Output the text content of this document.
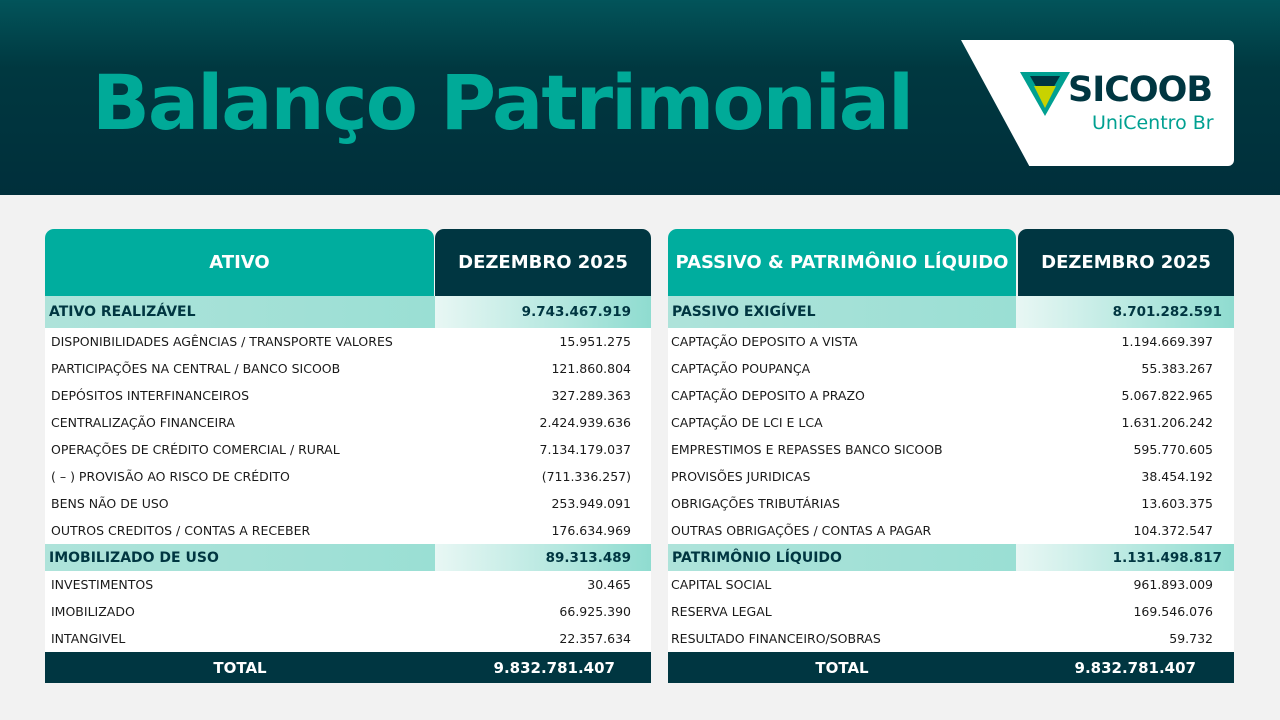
Balanço Patrimonial	SICOOB
UniCentro Br
ATIVO	DEZEMBRO 2025
ATIVO REALIZÁVEL	9.743.467.919
DISPONIBILIDADES AGÊNCIAS / TRANSPORTE VALORES	15.951.275
PARTICIPAÇÕES NA CENTRAL / BANCO SICOOB	121.860.804
DEPÓSITOS INTERFINANCEIROS	327.289.363
CENTRALIZAÇÃO FINANCEIRA	2.424.939.636
OPERAÇÕES DE CRÉDITO COMERCIAL / RURAL	7.134.179.037
( – ) PROVISÃO AO RISCO DE CRÉDITO	(711.336.257)
BENS NÃO DE USO	253.949.091
OUTROS CREDITOS / CONTAS A RECEBER	176.634.969
IMOBILIZADO DE USO	89.313.489
INVESTIMENTOS	30.465
IMOBILIZADO	66.925.390
INTANGIVEL	22.357.634
TOTAL	9.832.781.407
PASSIVO & PATRIMÔNIO LÍQUIDO	DEZEMBRO 2025
PASSIVO EXIGÍVEL	8.701.282.591
CAPTAÇÃO DEPOSITO A VISTA	1.194.669.397
CAPTAÇÃO POUPANÇA	55.383.267
CAPTAÇÃO DEPOSITO A PRAZO	5.067.822.965
CAPTAÇÃO DE LCI E LCA	1.631.206.242
EMPRESTIMOS E REPASSES BANCO SICOOB	595.770.605
PROVISÕES JURIDICAS	38.454.192
OBRIGAÇÕES TRIBUTÁRIAS	13.603.375
OUTRAS OBRIGAÇÕES / CONTAS A PAGAR	104.372.547
PATRIMÔNIO LÍQUIDO	1.131.498.817
CAPITAL SOCIAL	961.893.009
RESERVA LEGAL	169.546.076
RESULTADO FINANCEIRO/SOBRAS	59.732
TOTAL	9.832.781.407
